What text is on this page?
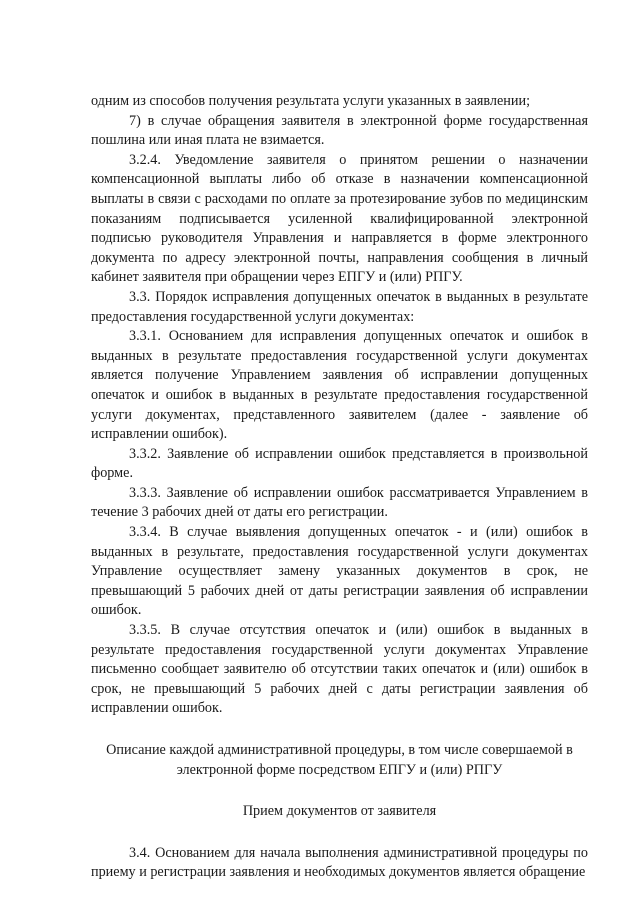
одним из способов получения результата услуги указанных в заявлении;

7) в случае обращения заявителя в электронной форме государственная пошлина или иная плата не взимается.

3.2.4. Уведомление заявителя о принятом решении о назначении компенсационной выплаты либо об отказе в назначении компенсационной выплаты в связи с расходами по оплате за протезирование зубов по медицинским показаниям подписывается усиленной квалифицированной электронной подписью руководителя Управления и направляется в форме электронного документа по адресу электронной почты, направления сообщения в личный кабинет заявителя при обращении через ЕПГУ и (или) РПГУ.

3.3. Порядок исправления допущенных опечаток в выданных в результате предоставления государственной услуги документах:

3.3.1. Основанием для исправления допущенных опечаток и ошибок в выданных в результате предоставления государственной услуги документах является получение Управлением заявления об исправлении допущенных опечаток и ошибок в выданных в результате предоставления государственной услуги документах, представленного заявителем (далее - заявление об исправлении ошибок).

3.3.2. Заявление об исправлении ошибок представляется в произвольной форме.

3.3.3. Заявление об исправлении ошибок рассматривается Управлением в течение 3 рабочих дней от даты его регистрации.

3.3.4. В случае выявления допущенных опечаток - и (или) ошибок в выданных в результате, предоставления государственной услуги документах Управление осуществляет замену указанных документов в срок, не превышающий 5 рабочих дней от даты регистрации заявления об исправлении ошибок.

3.3.5. В случае отсутствия опечаток и (или) ошибок в выданных в результате предоставления государственной услуги документах Управление письменно сообщает заявителю об отсутствии таких опечаток и (или) ошибок в срок, не превышающий 5 рабочих дней с даты регистрации заявления об исправлении ошибок.

Описание каждой административной процедуры, в том числе совершаемой в

электронной форме посредством ЕПГУ и (или) РПГУ

Прием документов от заявителя

3.4. Основанием для начала выполнения административной процедуры по приему и регистрации заявления и необходимых документов является обращение
